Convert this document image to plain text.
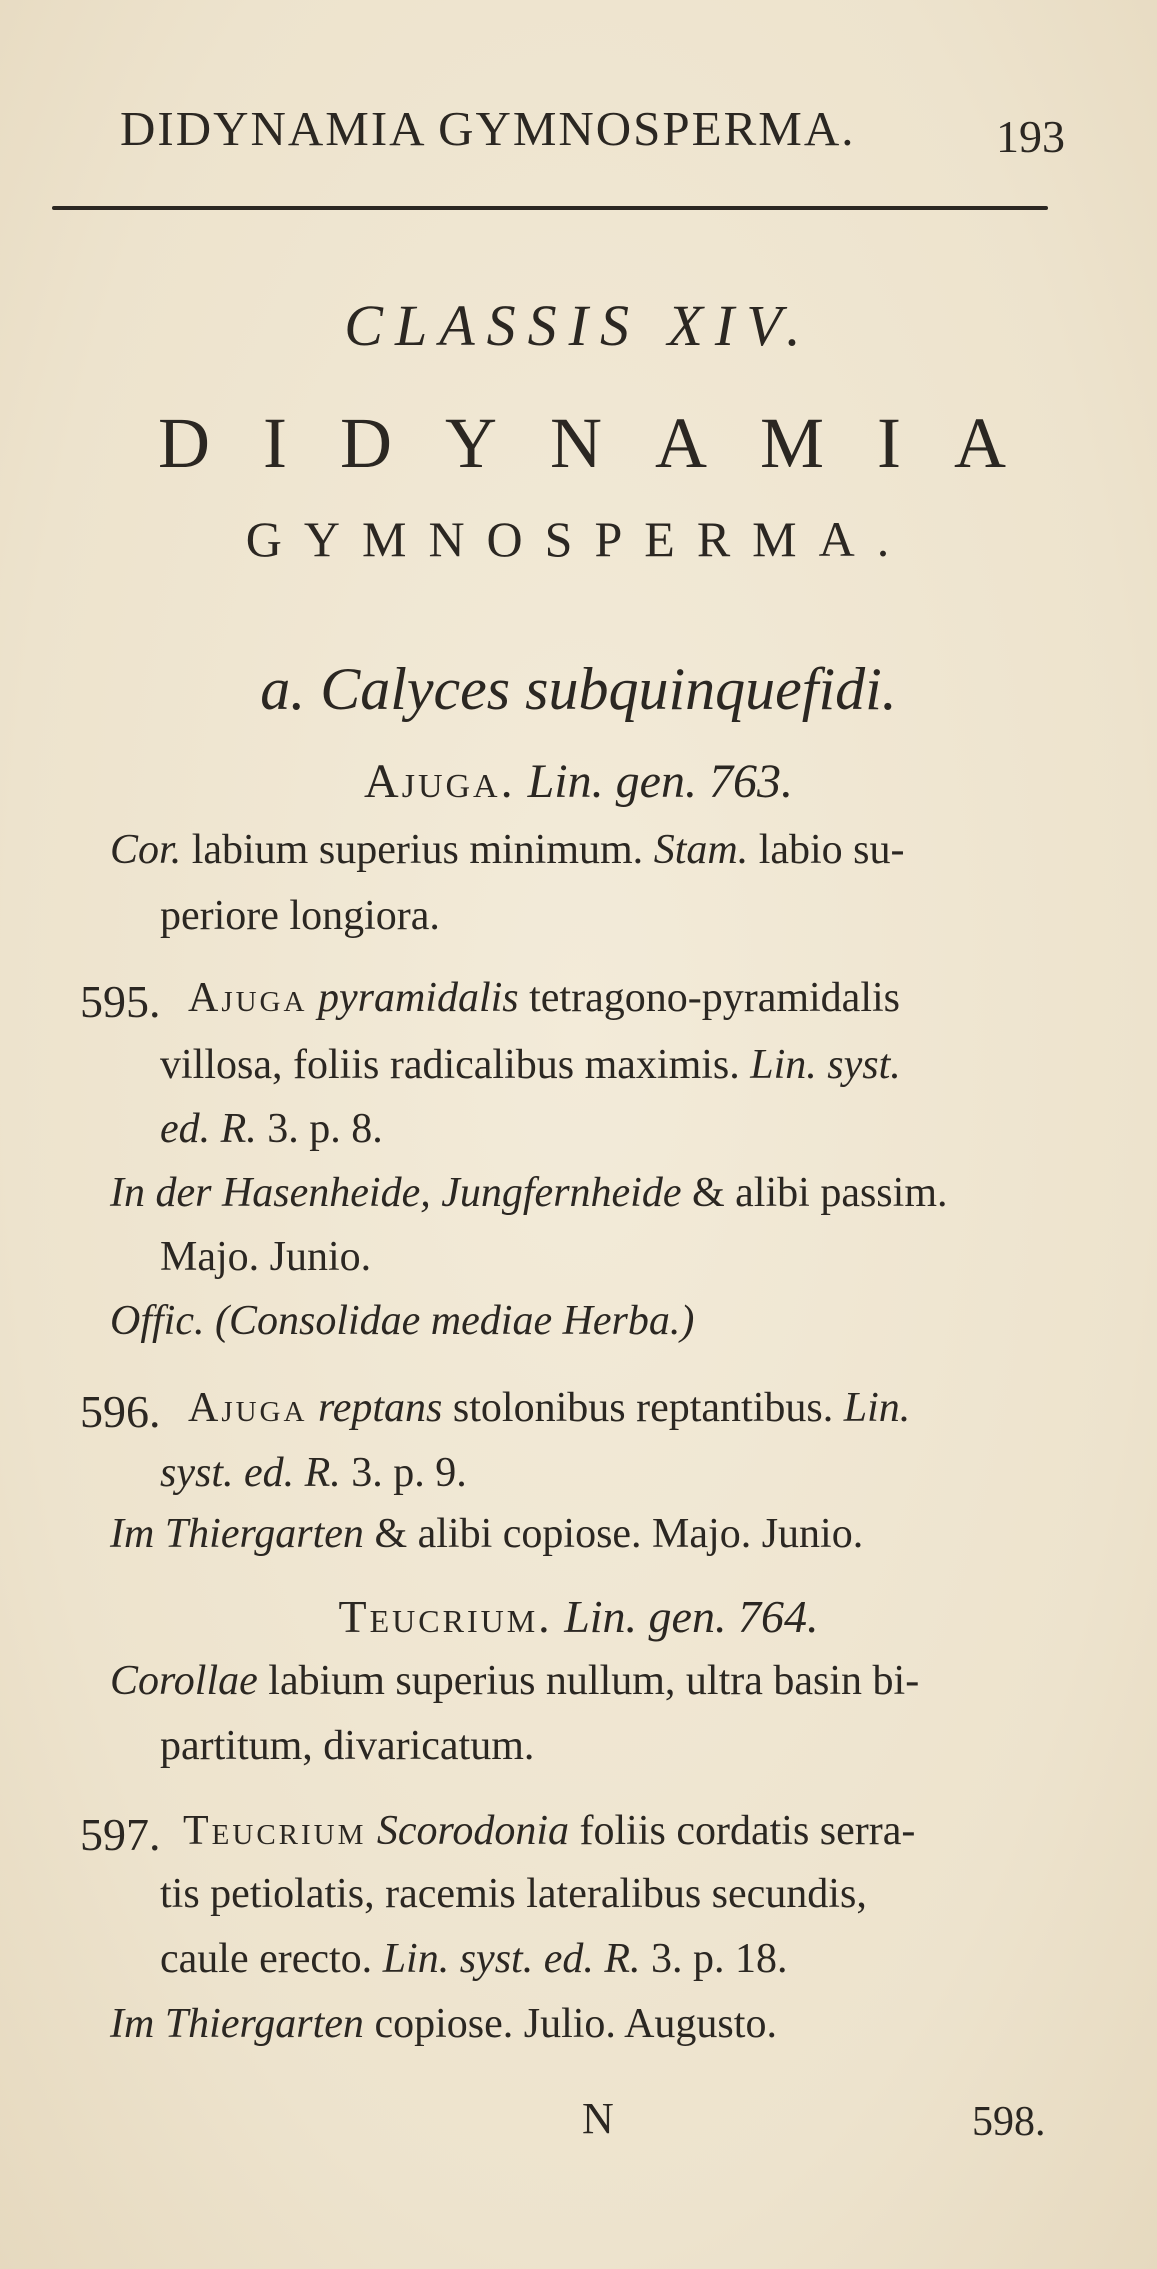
DIDYNAMIA GYMNOSPERMA.	193
CLASSIS XIV.
DIDYNAMIA
GYMNOSPERMA.
a. Calyces subquinquefidi.
Ajuga. Lin. gen. 763.
Cor. labium superius minimum. Stam. labio su-
periore longiora.
595. Ajuga pyramidalis tetragono-pyramidalis
villosa, foliis radicalibus maximis. Lin. syst.
ed. R. 3. p. 8.
In der Hasenheide, Jungfernheide & alibi passim.
Majo. Junio.
Offic. (Consolidae mediae Herba.)
596. Ajuga reptans stolonibus reptantibus. Lin.
syst. ed. R. 3. p. 9.
Im Thiergarten & alibi copiose. Majo. Junio.
Teucrium. Lin. gen. 764.
Corollae labium superius nullum, ultra basin bi-
partitum, divaricatum.
597. Teucrium Scorodonia foliis cordatis serra-
tis petiolatis, racemis lateralibus secundis,
caule erecto. Lin. syst. ed. R. 3. p. 18.
Im Thiergarten copiose. Julio. Augusto.
N	598.
